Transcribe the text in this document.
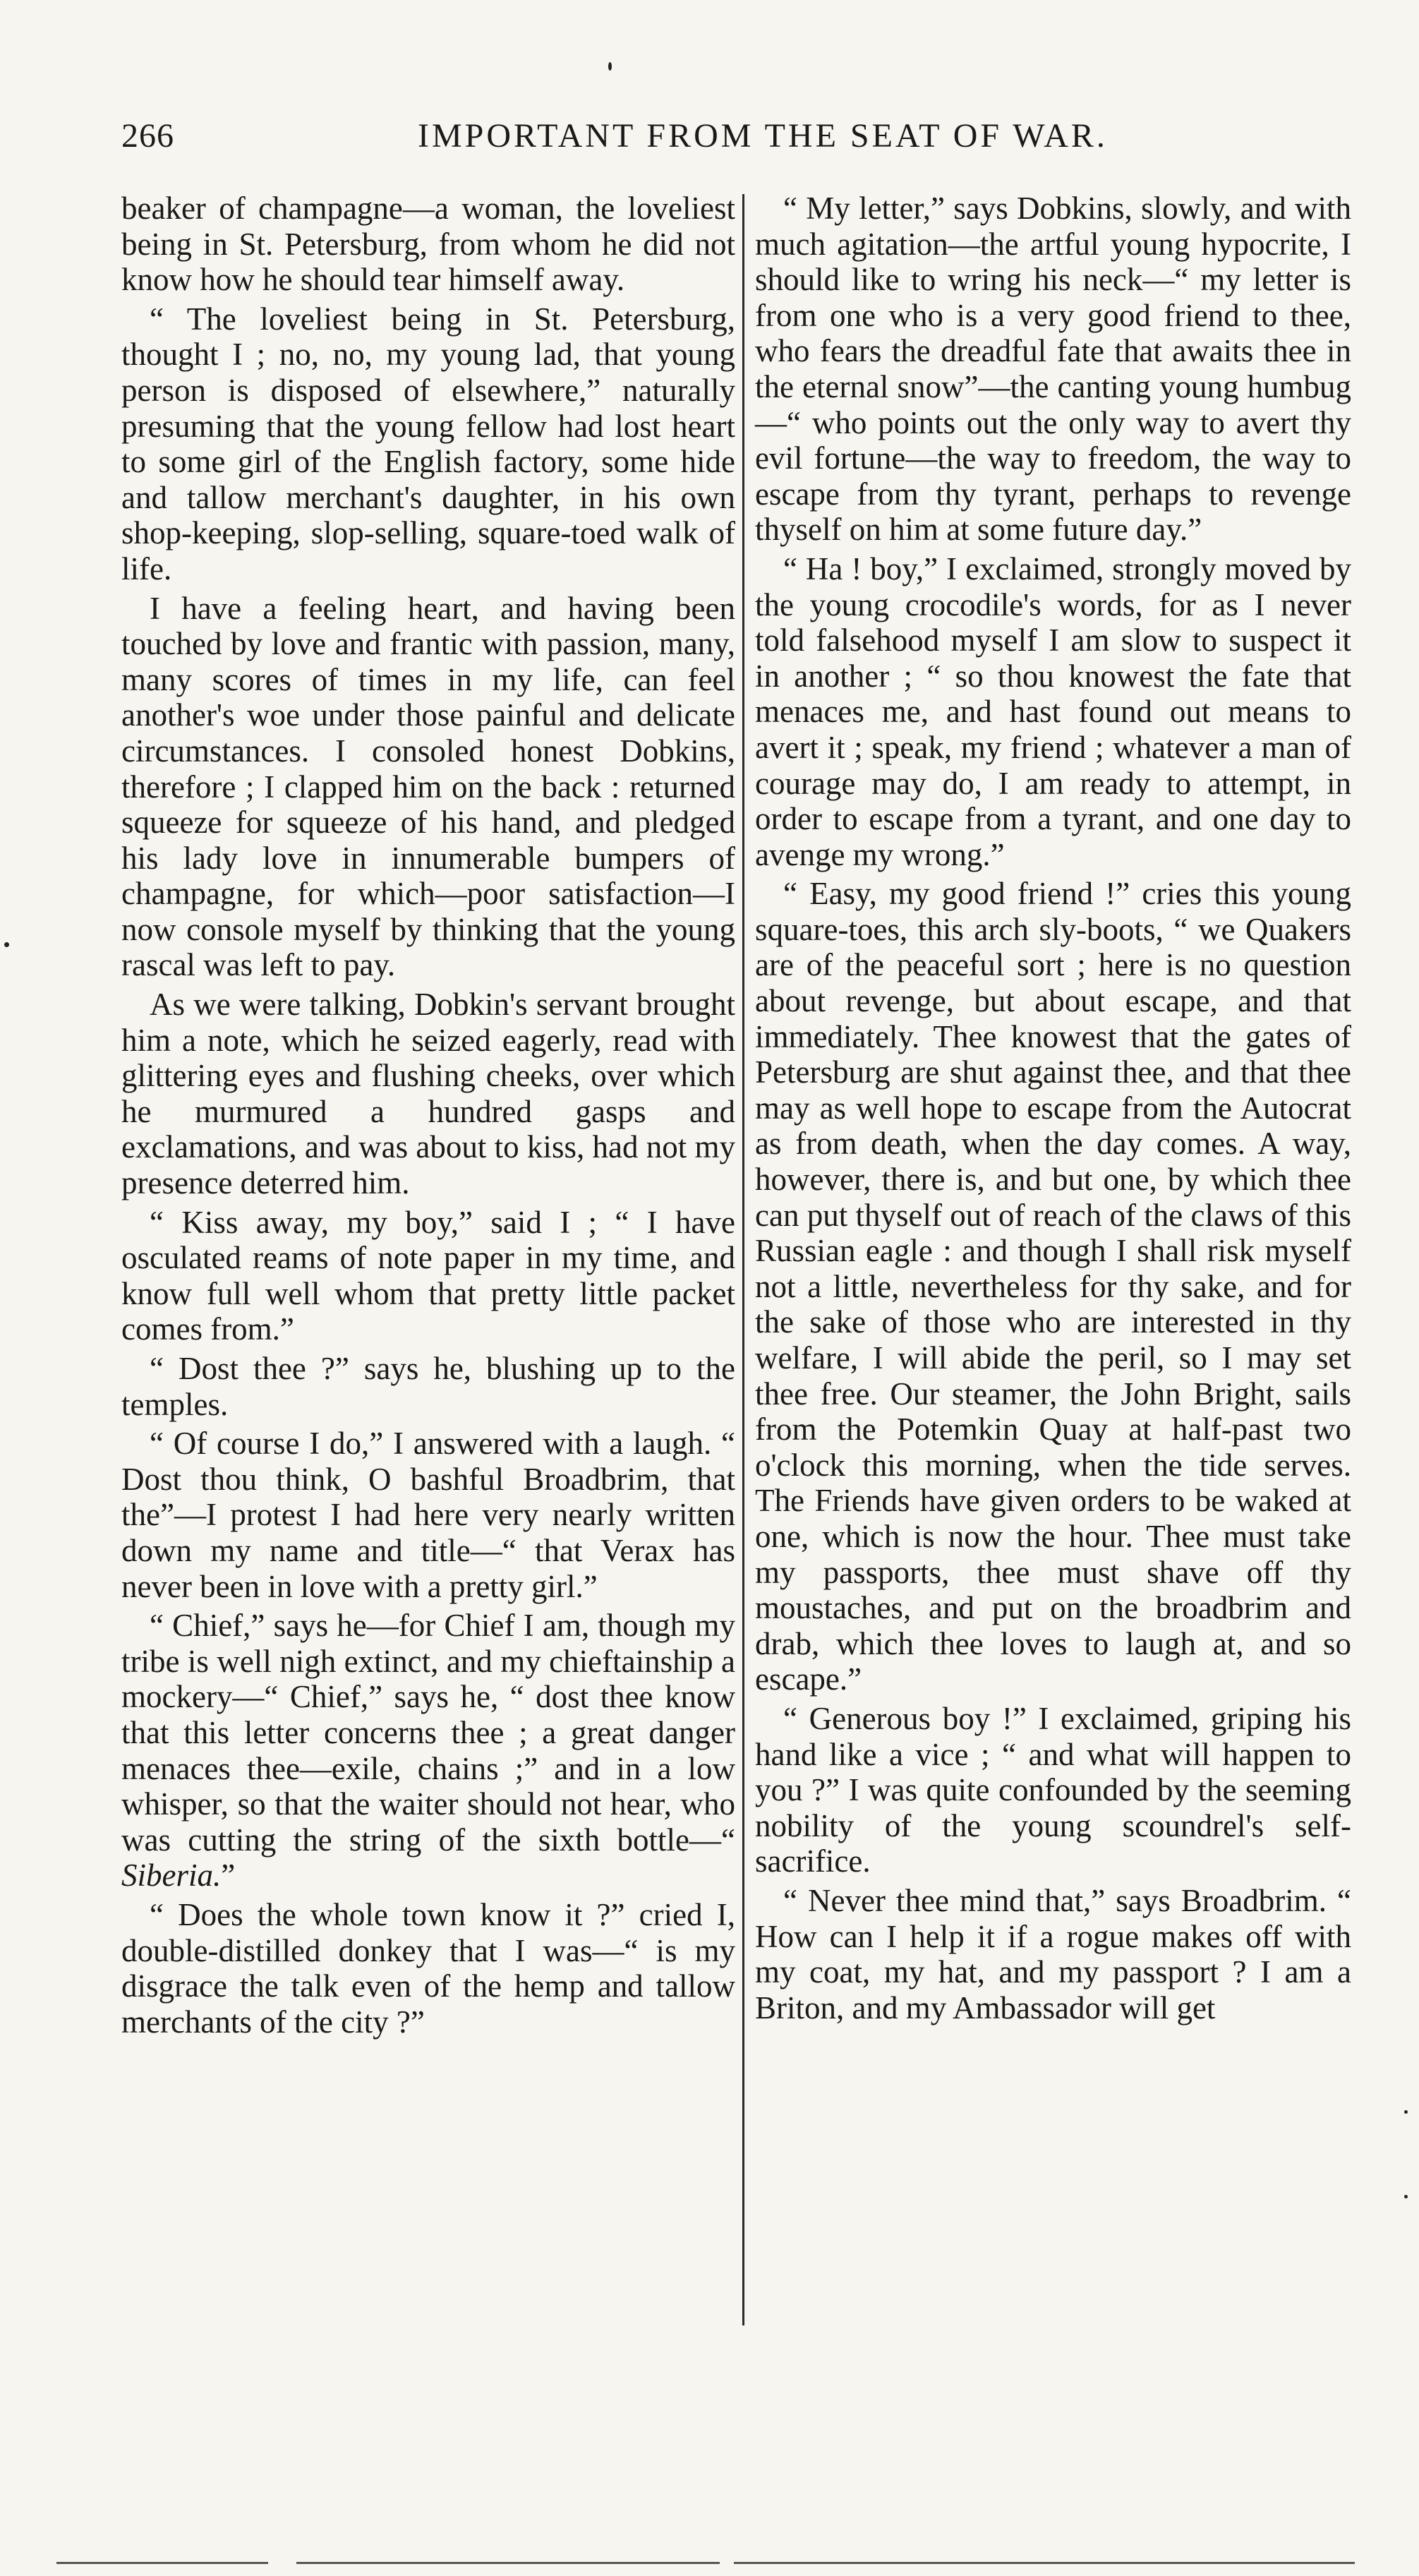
266	IMPORTANT FROM THE SEAT OF WAR.

beaker of champagne—a woman, the loveliest being in St. Petersburg, from whom he did not know how he should tear himself away.

“ The loveliest being in St. Petersburg, thought I ; no, no, my young lad, that young person is disposed of elsewhere,” naturally presuming that the young fellow had lost heart to some girl of the English factory, some hide and tallow merchant's daughter, in his own shop-keeping, slop-selling, square-toed walk of life.

I have a feeling heart, and having been touched by love and frantic with passion, many, many scores of times in my life, can feel another's woe under those painful and delicate circumstances. I consoled honest Dobkins, therefore ; I clapped him on the back : returned squeeze for squeeze of his hand, and pledged his lady love in innumerable bumpers of champagne, for which—poor satisfaction—I now console myself by thinking that the young rascal was left to pay.

As we were talking, Dobkin's servant brought him a note, which he seized eagerly, read with glittering eyes and flushing cheeks, over which he murmured a hundred gasps and exclamations, and was about to kiss, had not my presence deterred him.

“ Kiss away, my boy,” said I ; “ I have osculated reams of note paper in my time, and know full well whom that pretty little packet comes from.”

“ Dost thee ?” says he, blushing up to the temples.

“ Of course I do,” I answered with a laugh. “ Dost thou think, O bashful Broadbrim, that the”—I protest I had here very nearly written down my name and title—“ that Verax has never been in love with a pretty girl.”

“ Chief,” says he—for Chief I am, though my tribe is well nigh extinct, and my chieftainship a mockery—“ Chief,” says he, “ dost thee know that this letter concerns thee ; a great danger menaces thee—exile, chains ;” and in a low whisper, so that the waiter should not hear, who was cutting the string of the sixth bottle—“ Siberia.”

“ Does the whole town know it ?” cried I, double-distilled donkey that I was—“ is my disgrace the talk even of the hemp and tallow merchants of the city ?”

“ My letter,” says Dobkins, slowly, and with much agitation—the artful young hypocrite, I should like to wring his neck—“ my letter is from one who is a very good friend to thee, who fears the dreadful fate that awaits thee in the eternal snow”—the canting young humbug—“ who points out the only way to avert thy evil fortune—the way to freedom, the way to escape from thy tyrant, perhaps to revenge thyself on him at some future day.”

“ Ha ! boy,” I exclaimed, strongly moved by the young crocodile's words, for as I never told falsehood myself I am slow to suspect it in another ; “ so thou knowest the fate that menaces me, and hast found out means to avert it ; speak, my friend ; whatever a man of courage may do, I am ready to attempt, in order to escape from a tyrant, and one day to avenge my wrong.”

“ Easy, my good friend !” cries this young square-toes, this arch sly-boots, “ we Quakers are of the peaceful sort ; here is no question about revenge, but about escape, and that immediately. Thee knowest that the gates of Petersburg are shut against thee, and that thee may as well hope to escape from the Autocrat as from death, when the day comes. A way, however, there is, and but one, by which thee can put thyself out of reach of the claws of this Russian eagle : and though I shall risk myself not a little, nevertheless for thy sake, and for the sake of those who are interested in thy welfare, I will abide the peril, so I may set thee free. Our steamer, the John Bright, sails from the Potemkin Quay at half-past two o'clock this morning, when the tide serves. The Friends have given orders to be waked at one, which is now the hour. Thee must take my passports, thee must shave off thy moustaches, and put on the broadbrim and drab, which thee loves to laugh at, and so escape.”

“ Generous boy !” I exclaimed, griping his hand like a vice ; “ and what will happen to you ?” I was quite confounded by the seeming nobility of the young scoundrel's self-sacrifice.

“ Never thee mind that,” says Broadbrim. “ How can I help it if a rogue makes off with my coat, my hat, and my passport ? I am a Briton, and my Ambassador will get
